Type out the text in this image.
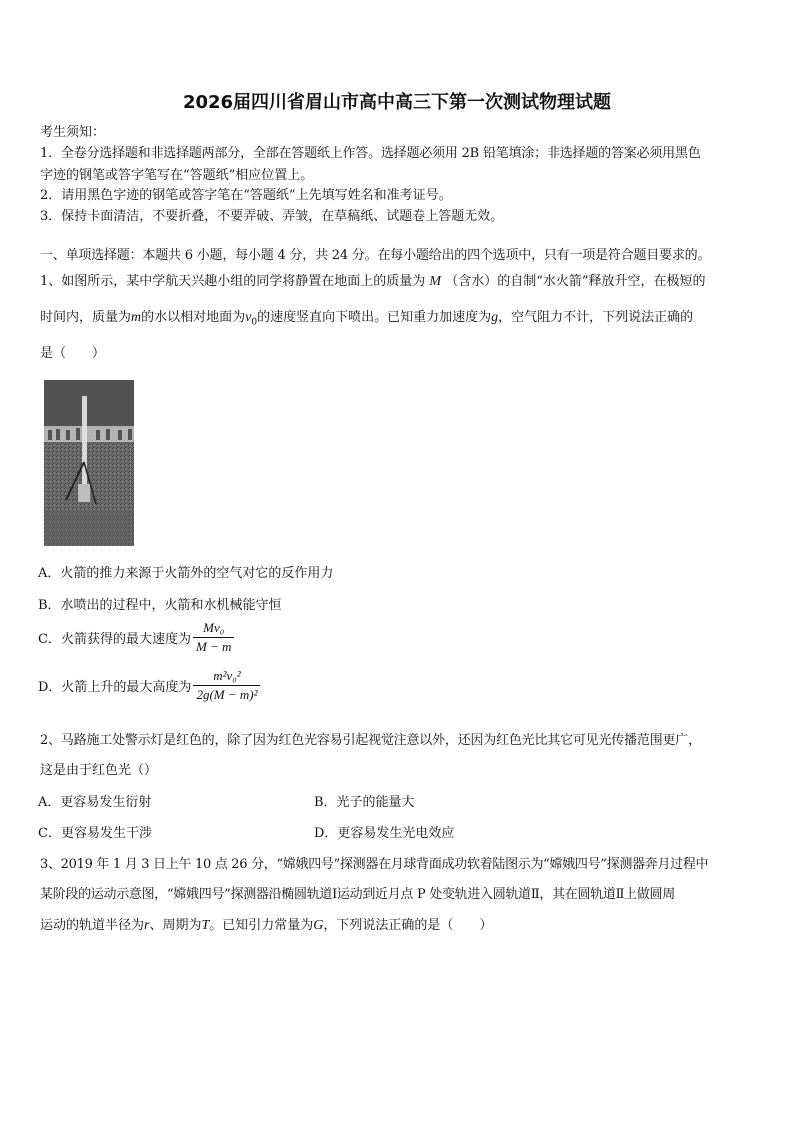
2026届四川省眉山市高中高三下第一次测试物理试题
考生须知：
1．全卷分选择题和非选择题两部分，全部在答题纸上作答。选择题必须用 2B 铅笔填涂；非选择题的答案必须用黑色
字迹的钢笔或答字笔写在“答题纸”相应位置上。
2．请用黑色字迹的钢笔或答字笔在“答题纸”上先填写姓名和准考证号。
3．保持卡面清洁，不要折叠，不要弄破、弄皱，在草稿纸、试题卷上答题无效。
一、单项选择题：本题共 6 小题，每小题 4 分，共 24 分。在每小题给出的四个选项中，只有一项是符合题目要求的。
1、如图所示，某中学航天兴趣小组的同学将静置在地面上的质量为 M （含水）的自制“水火箭”释放升空，在极短的
时间内，质量为m的水以相对地面为$v_0$的速度竖直向下喷出。已知重力加速度为g，空气阻力不计，下列说法正确的
是（　　）
A．火箭的推力来源于火箭外的空气对它的反作用力
B．水喷出的过程中，火箭和水机械能守恒
C．火箭获得的最大速度为 $\frac{\text{Mv₀}}{M - m}$
D．火箭上升的最大高度为 $\frac{\text{m²v₀²}}{\text{2g(M − m)²}}$
2、马路施工处警示灯是红色的，除了因为红色光容易引起视觉注意以外，还因为红色光比其它可见光传播范围更广，
这是由于红色光（）
A．更容易发生衍射	B．光子的能量大
C．更容易发生干涉	D．更容易发生光电效应
3、2019 年 1 月 3 日上午 10 点 26 分，“嫦娥四号”探测器在月球背面成功软着陆图示为“嫦娥四号”探测器奔月过程中
某阶段的运动示意图，“嫦娥四号”探测器沿椭圆轨道Ⅰ运动到近月点 P 处变轨进入圆轨道Ⅱ，其在圆轨道Ⅱ上做圆周
运动的轨道半径为r、周期为T。已知引力常量为G，下列说法正确的是（　　）
